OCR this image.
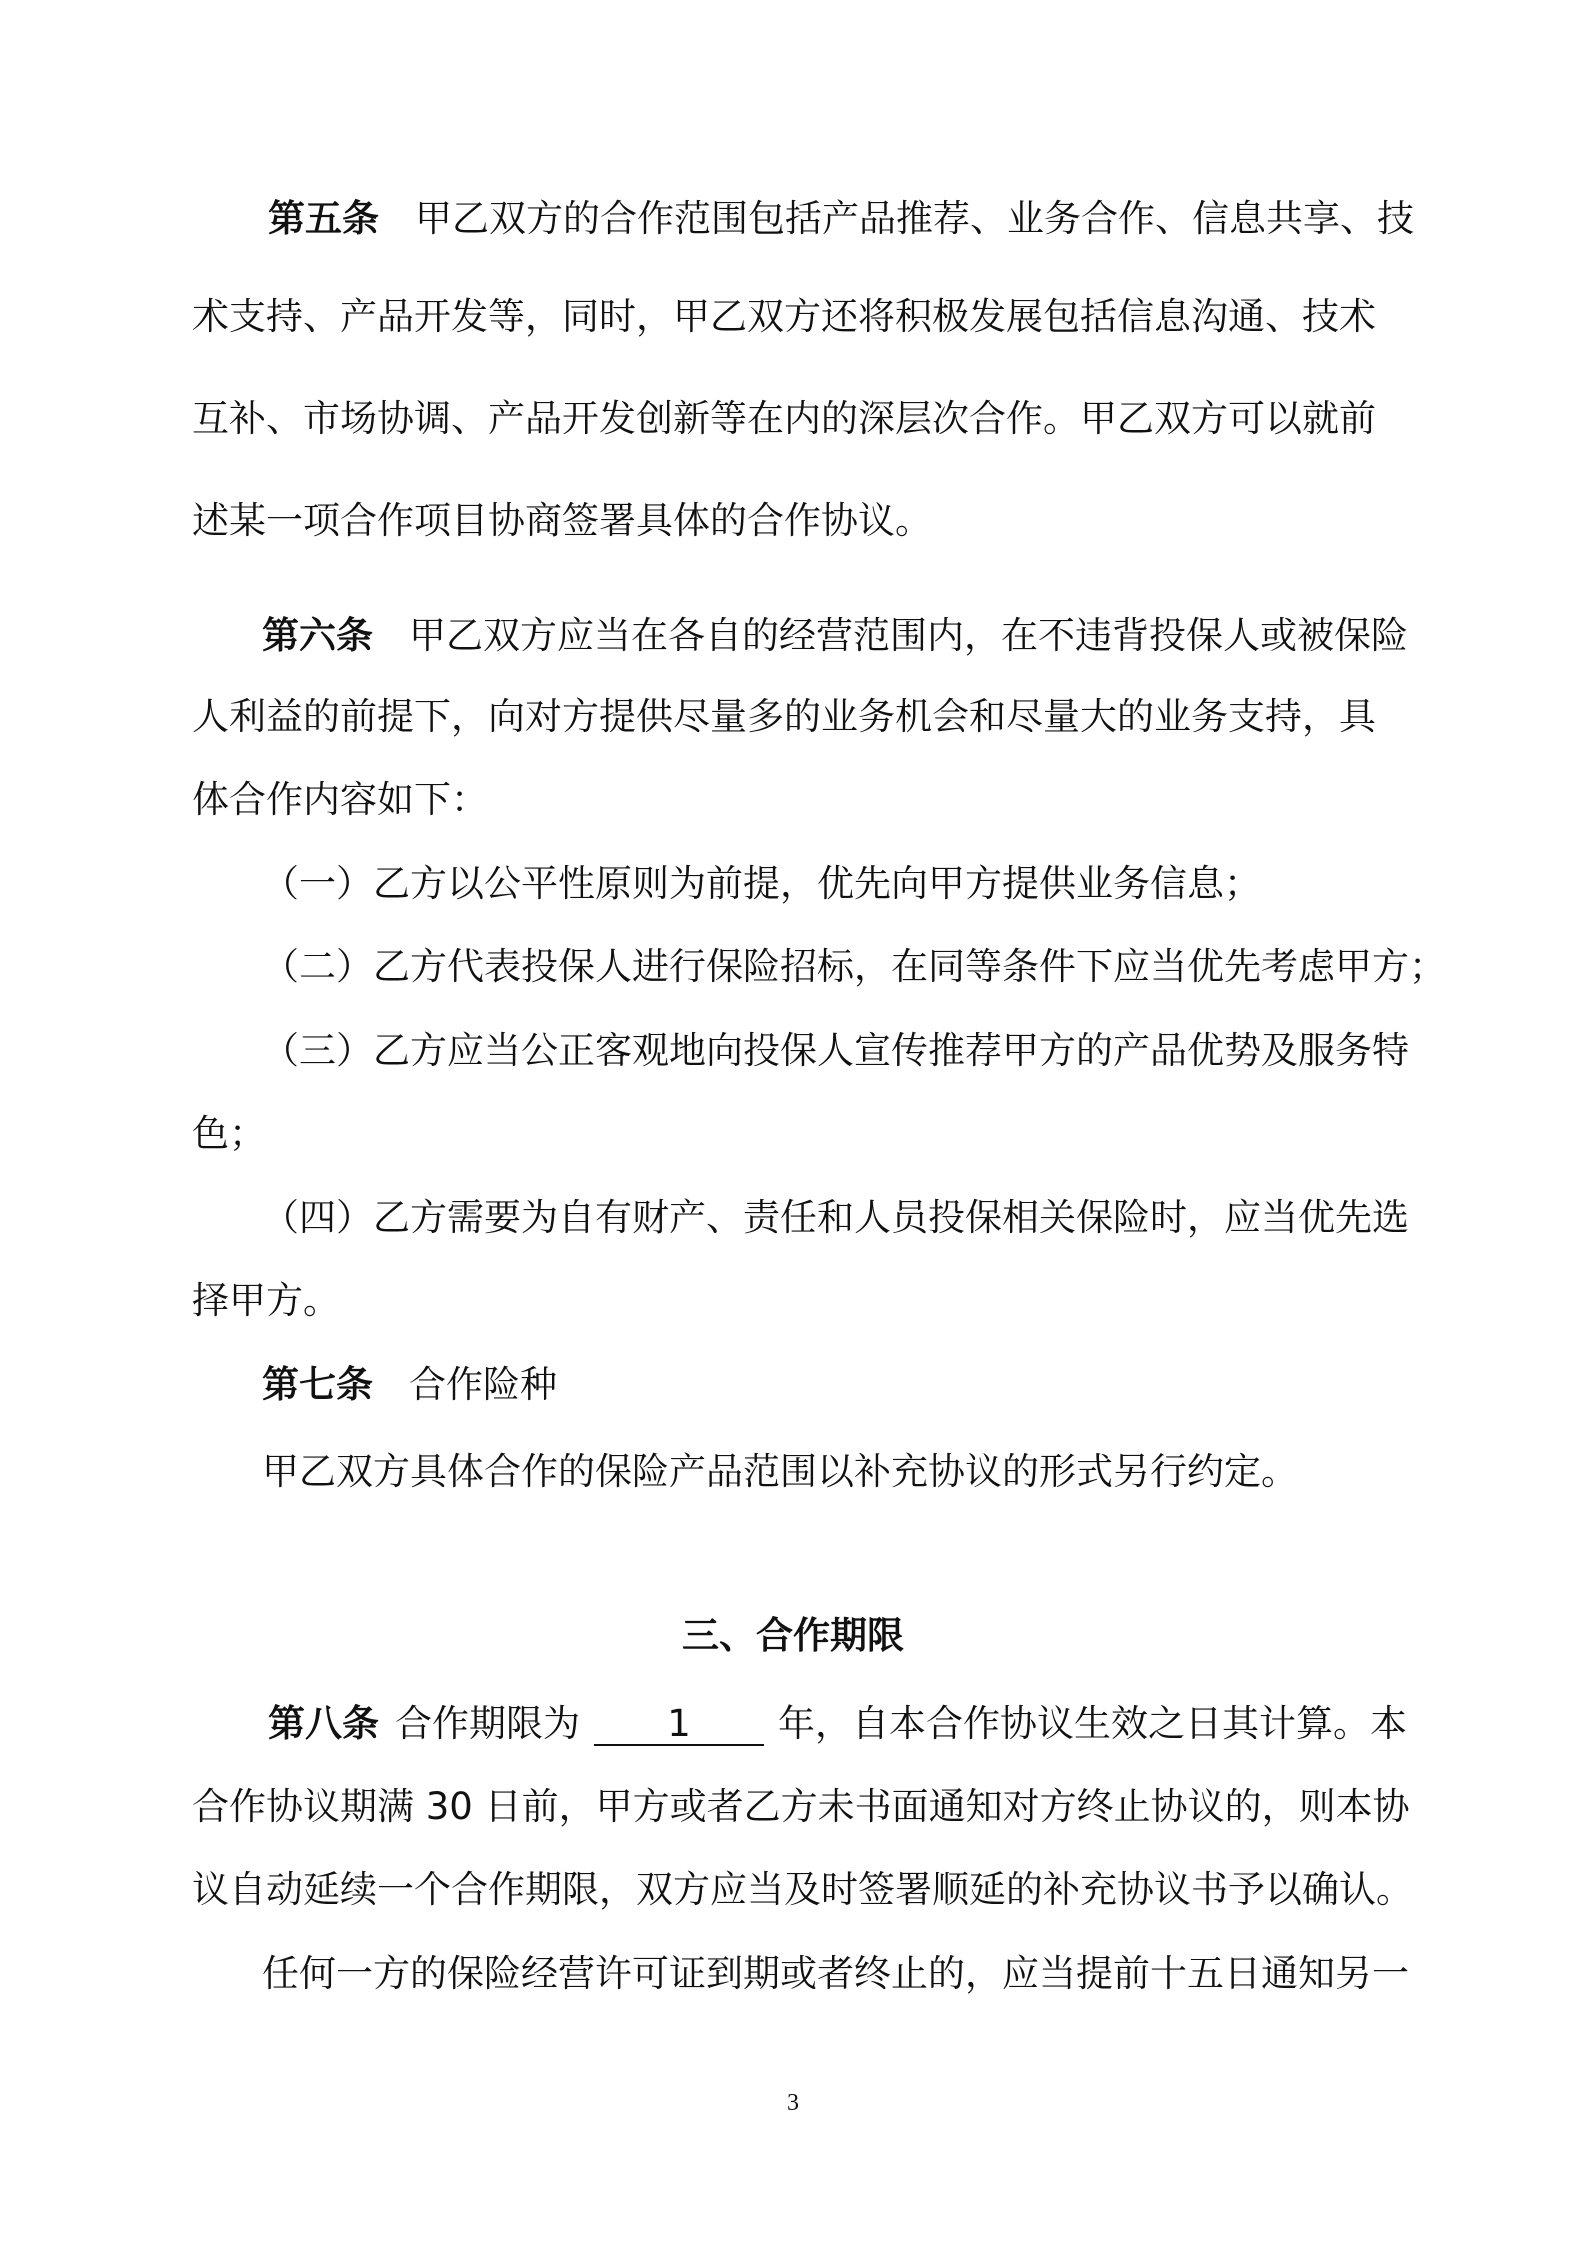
第五条 甲乙双方的合作范围包括产品推荐、业务合作、信息共享、技
术支持、产品开发等，同时，甲乙双方还将积极发展包括信息沟通、技术
互补、市场协调、产品开发创新等在内的深层次合作。甲乙双方可以就前
述某一项合作项目协商签署具体的合作协议。
第六条 甲乙双方应当在各自的经营范围内，在不违背投保人或被保险
人利益的前提下，向对方提供尽量多的业务机会和尽量大的业务支持，具
体合作内容如下：
（一）乙方以公平性原则为前提，优先向甲方提供业务信息；
（二）乙方代表投保人进行保险招标，在同等条件下应当优先考虑甲方；
（三）乙方应当公正客观地向投保人宣传推荐甲方的产品优势及服务特
色；
（四）乙方需要为自有财产、责任和人员投保相关保险时，应当优先选
择甲方。
第七条 合作险种
甲乙双方具体合作的保险产品范围以补充协议的形式另行约定。
三、合作期限
第八条 合作期限为 1 年，自本合作协议生效之日其计算。本
合作协议期满 30 日前，甲方或者乙方未书面通知对方终止协议的，则本协
议自动延续一个合作期限，双方应当及时签署顺延的补充协议书予以确认。
任何一方的保险经营许可证到期或者终止的，应当提前十五日通知另一
3
